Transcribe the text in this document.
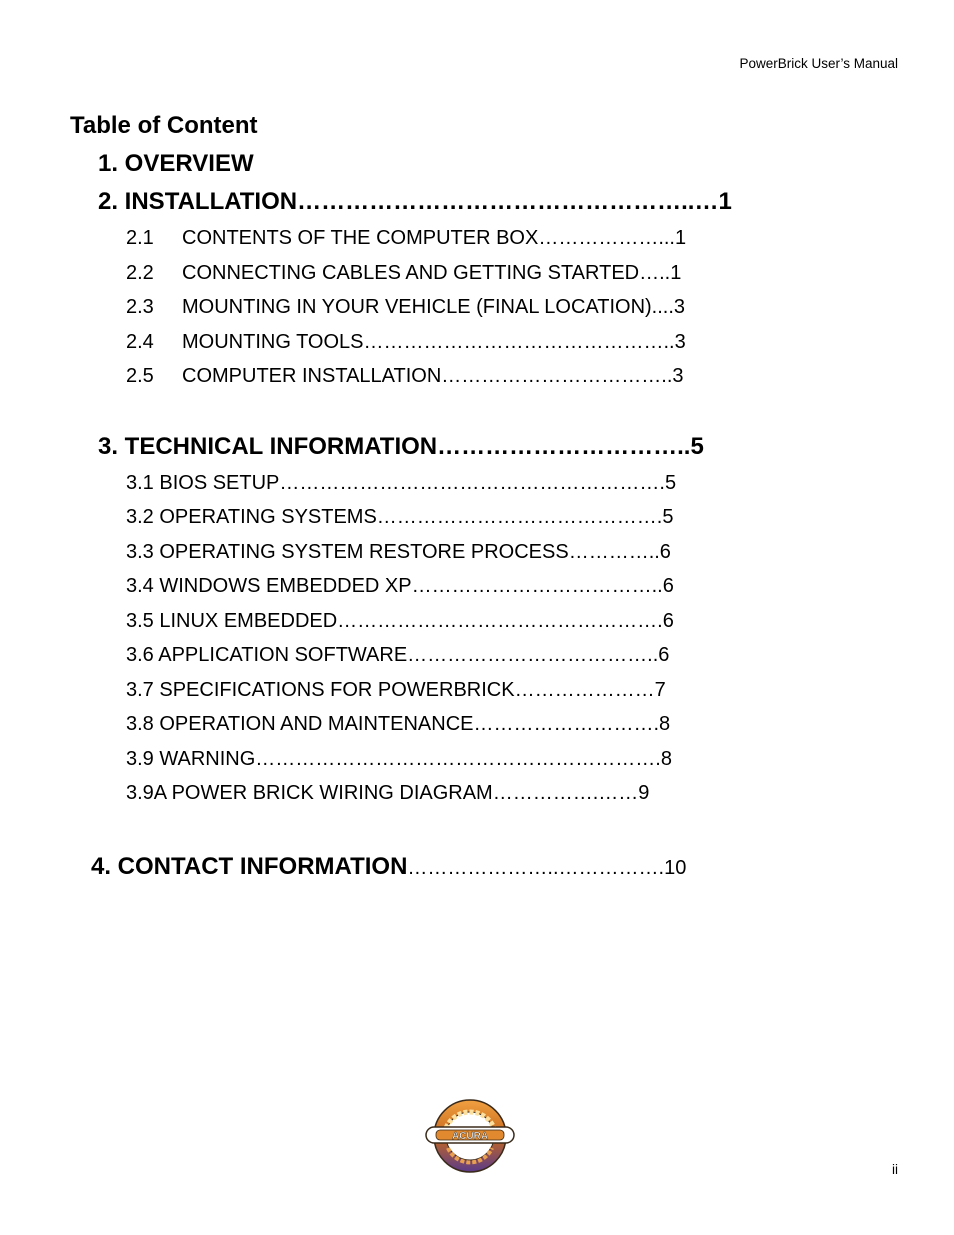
PowerBrick User’s Manual
Table of Content
1. OVERVIEW
2. INSTALLATION…………………………………………..…1
2.1 CONTENTS OF THE COMPUTER BOX………………...1
2.2 CONNECTING CABLES AND GETTING STARTED…..1
2.3 MOUNTING IN YOUR VEHICLE (FINAL LOCATION)....3
2.4 MOUNTING TOOLS………………………………………..3
2.5 COMPUTER INSTALLATION……………………………..3
3. TECHNICAL INFORMATION…………………………..5
3.1 BIOS SETUP………………………………………………….5
3.2 OPERATING SYSTEMS…………………………………….5
3.3 OPERATING SYSTEM RESTORE PROCESS…………..6
3.4 WINDOWS EMBEDDED XP………………………………..6
3.5 LINUX EMBEDDED………………………………………….6
3.6 APPLICATION SOFTWARE………………………………..6
3.7 SPECIFICATIONS FOR POWERBRICK…………………7
3.8 OPERATION AND MAINTENANCE……………………….8
3.9 WARNING…………………………………………………….8
3.9A POWER BRICK WIRING DIAGRAM…………….……9
4. CONTACT INFORMATION…………………..…………….10
ACURA
ii
